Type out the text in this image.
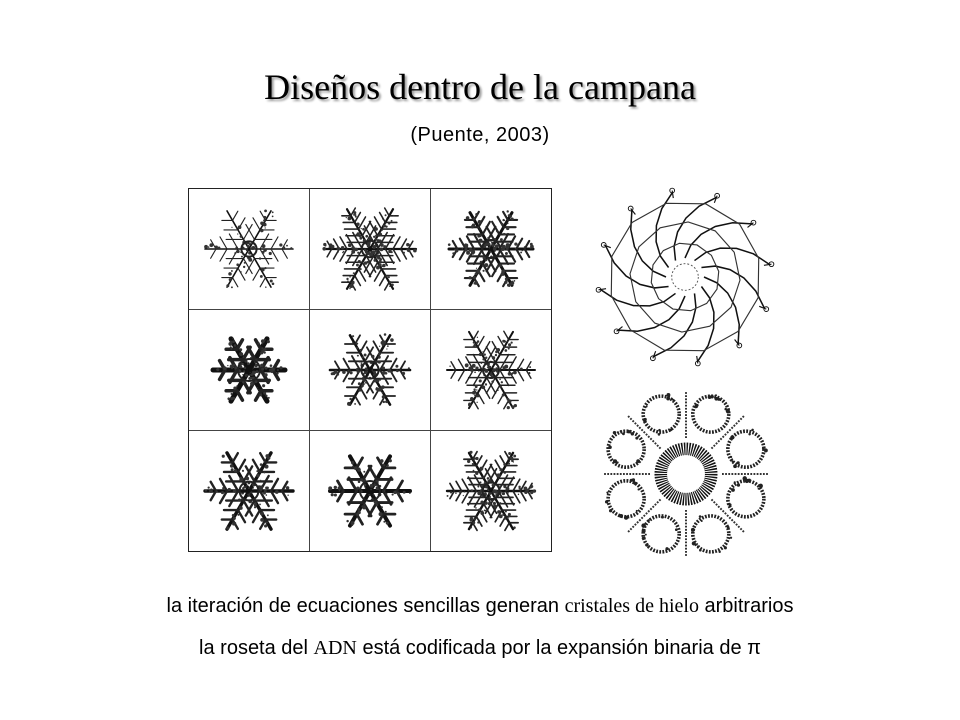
Diseños dentro de la campana
(Puente, 2003)
la iteración de ecuaciones sencillas generan cristales de hielo arbitrarios
la roseta del ADN está codificada por la expansión binaria de π
